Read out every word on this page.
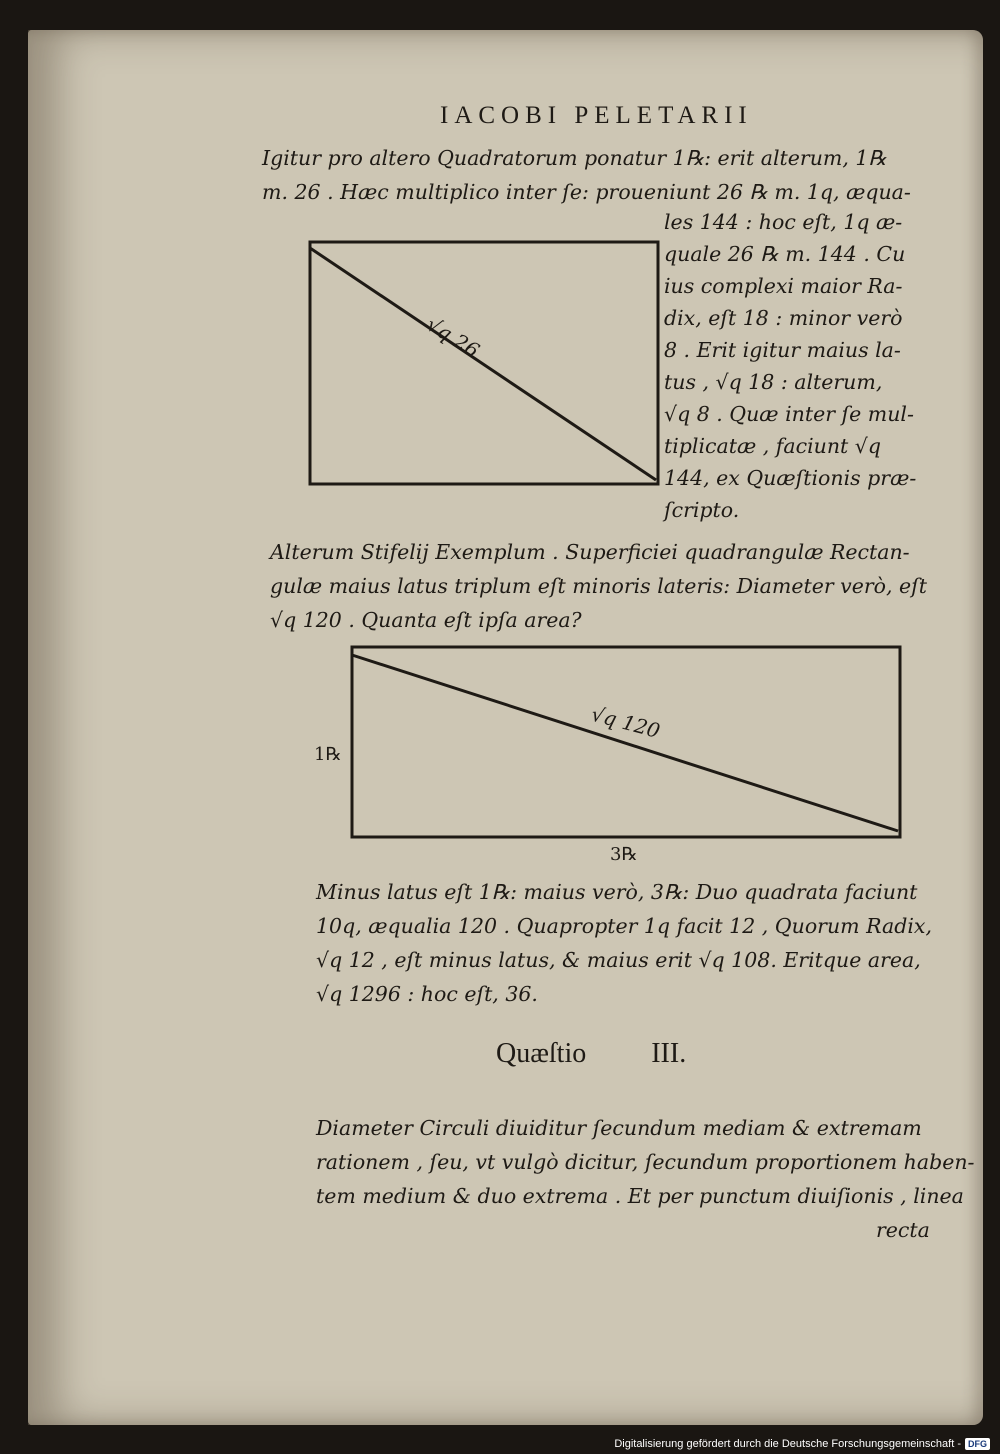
IACOBI PELETARII
Igitur pro altero Quadratorum ponatur 1℞: erit alterum, 1℞
m. 26 . Hæc multiplico inter ſe: proueniunt 26 ℞ m. 1q, æqua-
les 144 : hoc eſt, 1q æ-
quale 26 ℞ m. 144 . Cu
ius complexi maior Ra-
dix, eſt 18 : minor verò
8 . Erit igitur maius la-
tus , √q 18 : alterum,
√q 8 . Quæ inter ſe mul-
tiplicatæ , faciunt √q
144, ex Quæſtionis præ-
ſcripto.
√q 26
Alterum Stifelij Exemplum . Superficiei quadrangulæ Rectan-
gulæ maius latus triplum eſt minoris lateris: Diameter verò, eſt
√q 120 . Quanta eſt ipſa area?
√q 120
1℞
3℞
Minus latus eſt 1℞: maius verò, 3℞: Duo quadrata faciunt
10q, æqualia 120 . Quapropter 1q facit 12 , Quorum Radix,
√q 12 , eſt minus latus, & maius erit √q 108. Eritque area,
√q 1296 : hoc eſt, 36.
Quæſtio III.
Diameter Circuli diuiditur ſecundum mediam & extremam
rationem , ſeu, vt vulgò dicitur, ſecundum proportionem haben-
tem medium & duo extrema . Et per punctum diuiſionis , linea
recta
Digitalisierung gefördert durch die Deutsche Forschungsgemeinschaft - DFG
